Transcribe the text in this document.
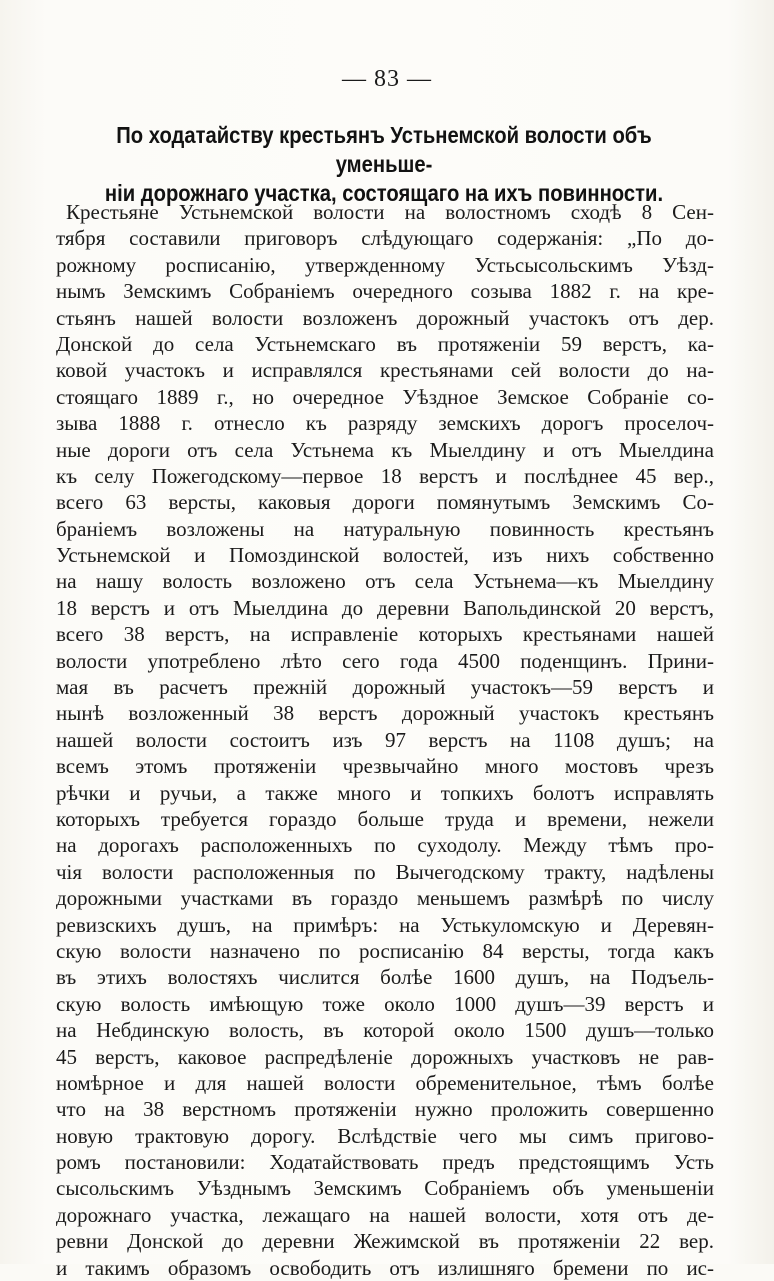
— 83 —
По ходатайству крестьянъ Устьнемской волости объ уменьше-
нiи дорожнаго участка, состоящаго на ихъ повинности.
Крестьяне Устьнемской волости на волостномъ сходѣ 8 Сен-
тября составили приговоръ слѣдующаго содержанiя: „По до-
рожному росписанiю, утвержденному Устьсысольскимъ Уѣзд-
нымъ Земскимъ Собранiемъ очередного созыва 1882 г. на кре-
стьянъ нашей волости возложенъ дорожный участокъ отъ дер.
Донской до села Устьнемскаго въ протяженiи 59 верстъ, ка-
ковой участокъ и исправлялся крестьянами сей волости до на-
стоящаго 1889 г., но очередное Уѣздное Земское Собранiе со-
зыва 1888 г. отнесло къ разряду земскихъ дорогъ проселоч-
ные дороги отъ села Устьнема къ Мыелдину и отъ Мыелдина
къ селу Пожегодскому—первое 18 верстъ и послѣднее 45 вер.,
всего 63 версты, каковыя дороги помянутымъ Земскимъ Со-
бранiемъ возложены на натуральную повинность крестьянъ
Устьнемской и Помоздинской волостей, изъ нихъ собственно
на нашу волость возложено отъ села Устьнема—къ Мыелдину
18 верстъ и отъ Мыелдина до деревни Вапольдинской 20 верстъ,
всего 38 верстъ, на исправленiе которыхъ крестьянами нашей
волости употреблено лѣто сего года 4500 поденщинъ. Прини-
мая въ расчетъ прежнiй дорожный участокъ—59 верстъ и
нынѣ возложенный 38 верстъ дорожный участокъ крестьянъ
нашей волости состоитъ изъ 97 верстъ на 1108 душъ; на
всемъ этомъ протяженiи чрезвычайно много мостовъ чрезъ
рѣчки и ручьи, а также много и топкихъ болотъ исправлять
которыхъ требуется гораздо больше труда и времени, нежели
на дорогахъ расположенныхъ по суходолу. Между тѣмъ про-
чiя волости расположенныя по Вычегодскому тракту, надѣлены
дорожными участками въ гораздо меньшемъ размѣрѣ по числу
ревизскихъ душъ, на примѣръ: на Устькуломскую и Деревян-
скую волости назначено по росписанiю 84 версты, тогда какъ
въ этихъ волостяхъ числится болѣе 1600 душъ, на Подъель-
скую волость имѣющую тоже около 1000 душъ—39 верстъ и
на Небдинскую волость, въ которой около 1500 душъ—только
45 верстъ, каковое распредѣленiе дорожныхъ участковъ не рав-
номѣрное и для нашей волости обременительное, тѣмъ болѣе
что на 38 верстномъ протяженiи нужно проложить совершенно
новую трактовую дорогу. Вслѣдствiе чего мы симъ пригово-
ромъ постановили: Ходатайствовать предъ предстоящимъ Усть
сысольскимъ Уѣзднымъ Земскимъ Собранiемъ объ уменьшенiи
дорожнаго участка, лежащаго на нашей волости, хотя отъ де-
ревни Донской до деревни Жежимской въ протяженiи 22 вер.
и такимъ образомъ освободить отъ излишняго бремени по ис-
